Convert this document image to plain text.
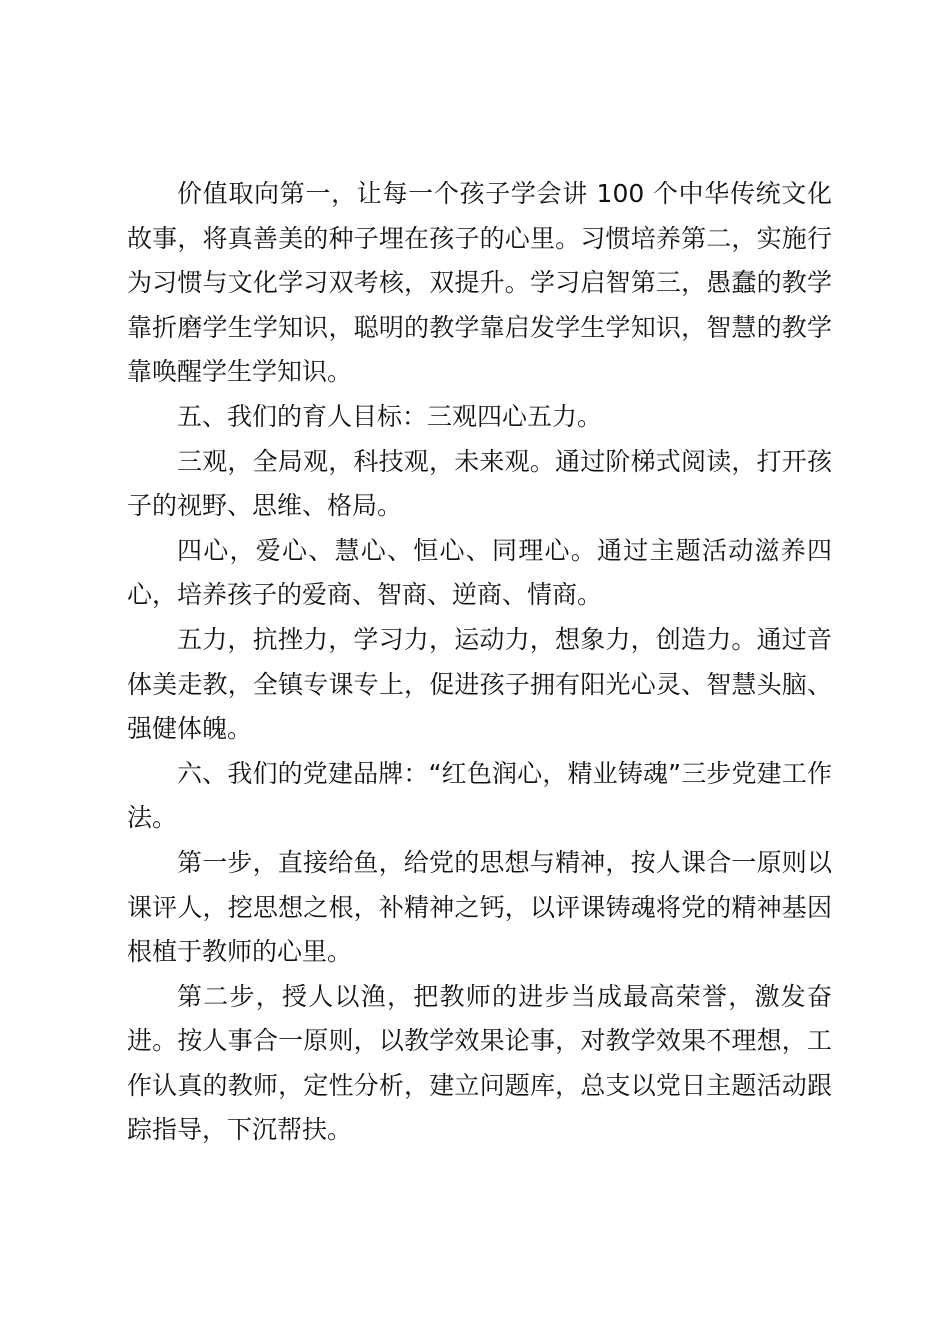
价值取向第一，让每一个孩子学会讲 100 个中华传统文化故事，将真善美的种子埋在孩子的心里。习惯培养第二，实施行为习惯与文化学习双考核，双提升。学习启智第三，愚蠢的教学靠折磨学生学知识，聪明的教学靠启发学生学知识，智慧的教学靠唤醒学生学知识。

五、我们的育人目标：三观四心五力。

三观，全局观，科技观，未来观。通过阶梯式阅读，打开孩子的视野、思维、格局。

四心，爱心、慧心、恒心、同理心。通过主题活动滋养四心，培养孩子的爱商、智商、逆商、情商。

五力，抗挫力，学习力，运动力，想象力，创造力。通过音体美走教，全镇专课专上，促进孩子拥有阳光心灵、智慧头脑、强健体魄。

六、我们的党建品牌：“红色润心，精业铸魂”三步党建工作法。

第一步，直接给鱼，给党的思想与精神，按人课合一原则以课评人，挖思想之根，补精神之钙，以评课铸魂将党的精神基因根植于教师的心里。

第二步，授人以渔，把教师的进步当成最高荣誉，激发奋进。按人事合一原则，以教学效果论事，对教学效果不理想，工作认真的教师，定性分析，建立问题库，总支以党日主题活动跟踪指导，下沉帮扶。
